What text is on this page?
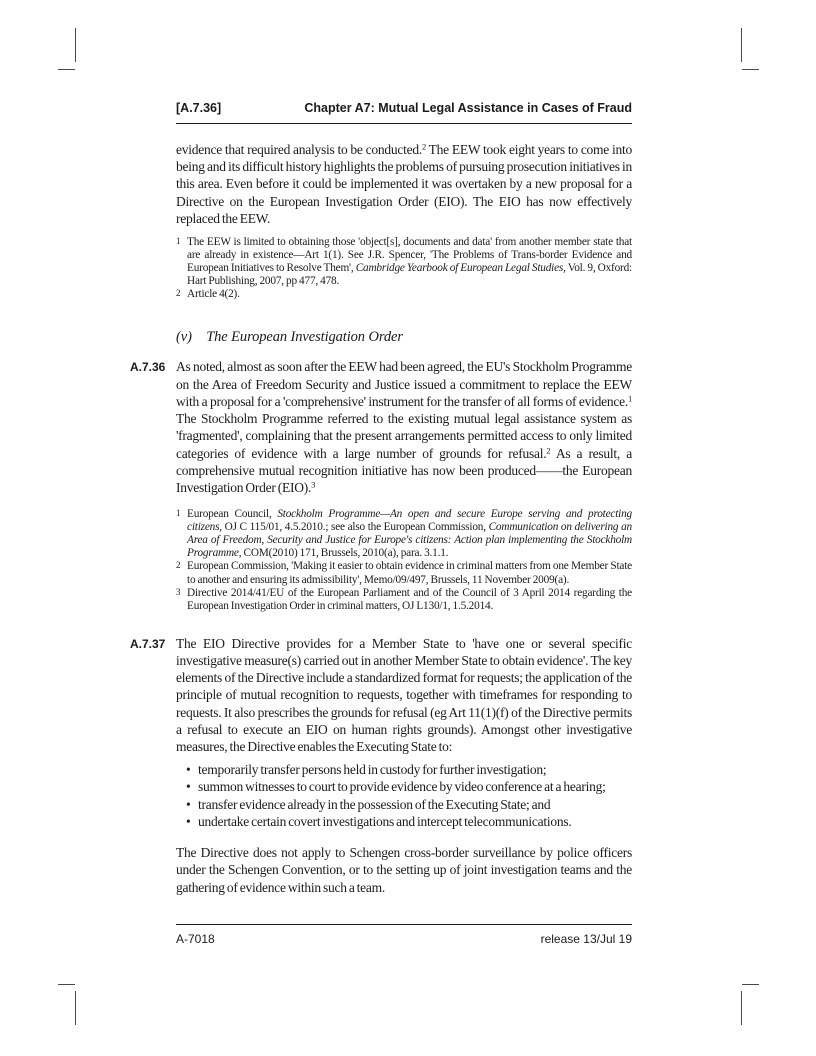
[A.7.36]	Chapter A7: Mutual Legal Assistance in Cases of Fraud

evidence that required analysis to be conducted.$^2$ The EEW took eight years to come into being and its difficult history highlights the problems of pursuing prosecution initiatives in this area. Even before it could be implemented it was overtaken by a new proposal for a Directive on the European Investigation Order (EIO). The EIO has now effectively replaced the EEW.

1 The EEW is limited to obtaining those 'object[s], documents and data' from another member state that are already in existence—Art 1(1). See J.R. Spencer, 'The Problems of Trans-border Evidence and European Initiatives to Resolve Them', Cambridge Yearbook of European Legal Studies, Vol. 9, Oxford: Hart Publishing, 2007, pp 477, 478.
2 Article 4(2).
(v) The European Investigation Order
A.7.36 As noted, almost as soon after the EEW had been agreed, the EU's Stockholm Programme on the Area of Freedom Security and Justice issued a commitment to replace the EEW with a proposal for a 'comprehensive' instrument for the transfer of all forms of evidence.$^1$ The Stockholm Programme referred to the existing mutual legal assistance system as 'fragmented', complaining that the present arrangements permitted access to only limited categories of evidence with a large number of grounds for refusal.$^2$ As a result, a comprehensive mutual recognition initiative has now been produced——the European Investigation Order (EIO).$^3$

1 European Council, Stockholm Programme—An open and secure Europe serving and protecting citizens, OJ C 115/01, 4.5.2010.; see also the European Commission, Communication on delivering an Area of Freedom, Security and Justice for Europe's citizens: Action plan implementing the Stockholm Programme, COM(2010) 171, Brussels, 2010(a), para. 3.1.1.
2 European Commission, 'Making it easier to obtain evidence in criminal matters from one Member State to another and ensuring its admissibility', Memo/09/497, Brussels, 11 November 2009(a).
3 Directive 2014/41/EU of the European Parliament and of the Council of 3 April 2014 regarding the European Investigation Order in criminal matters, OJ L130/1, 1.5.2014.
A.7.37 The EIO Directive provides for a Member State to 'have one or several specific investigative measure(s) carried out in another Member State to obtain evidence'. The key elements of the Directive include a standardized format for requests; the application of the principle of mutual recognition to requests, together with timeframes for responding to requests. It also prescribes the grounds for refusal (eg Art 11(1)(f) of the Directive permits a refusal to execute an EIO on human rights grounds). Amongst other investigative measures, the Directive enables the Executing State to:

• temporarily transfer persons held in custody for further investigation;
• summon witnesses to court to provide evidence by video conference at a hearing;
• transfer evidence already in the possession of the Executing State; and
• undertake certain covert investigations and intercept telecommunications.

The Directive does not apply to Schengen cross-border surveillance by police officers under the Schengen Convention, or to the setting up of joint investigation teams and the gathering of evidence within such a team.

A-7018	release 13/Jul 19
